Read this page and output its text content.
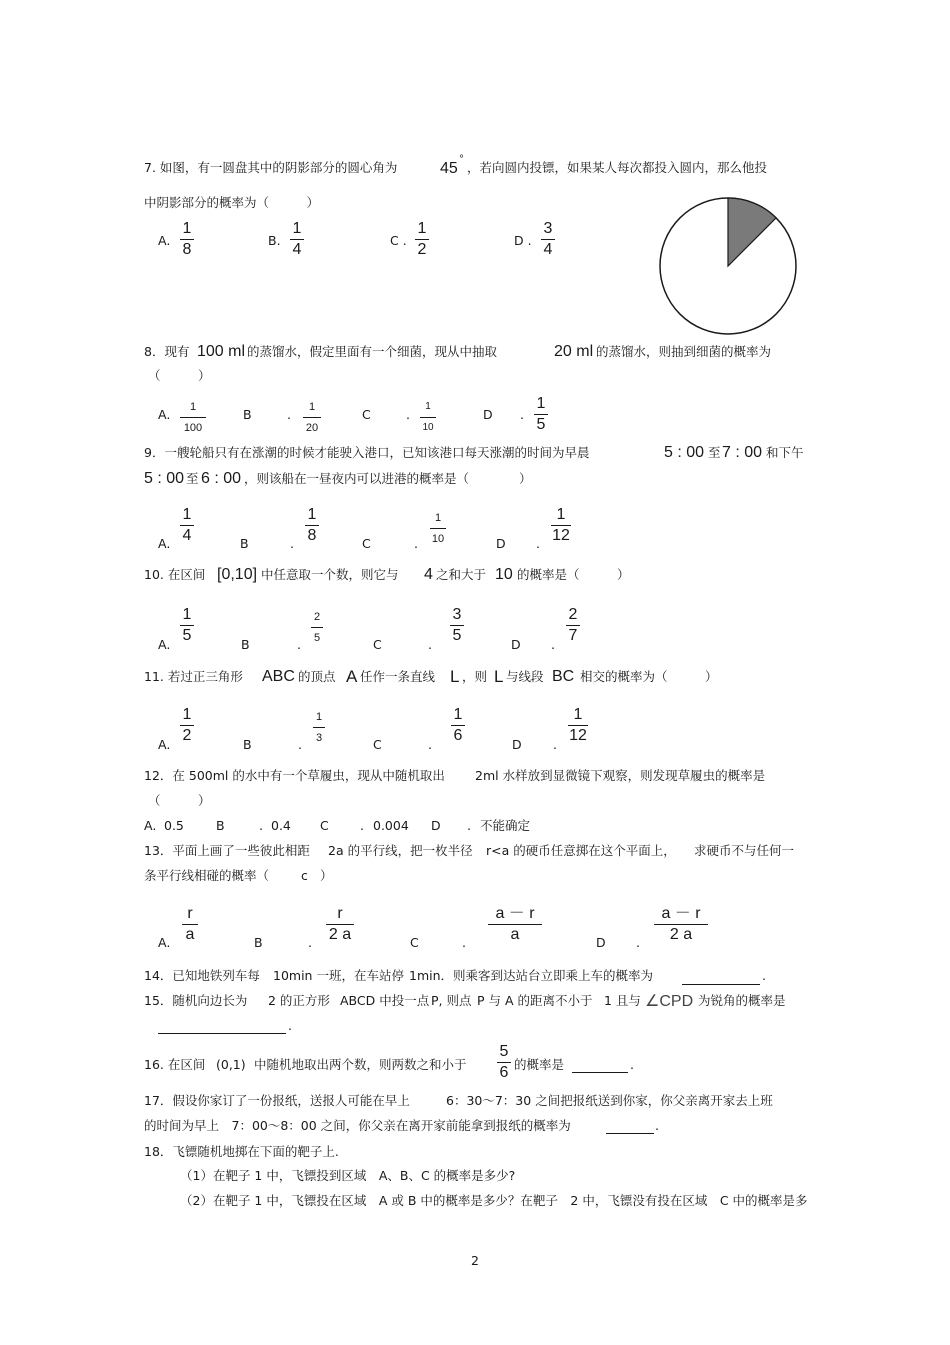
7. 如图，有一圆盘其中的阴影部分的圆心角为	45
°
，若向圆内投镖，如果某人每次都投入圆内，那么他投
中阴影部分的概率为（　　　）
A.
1
8
B.
1
4
C .
1
2
D .
3
4
8．现有 100 ml 的蒸馏水，假定里面有一个细菌，现从中抽取	20 ml 的蒸馏水，则抽到细菌的概率为
（　　　）
A.	1
100
B	.	1
20
C	.
1
10
D .
1
5
9．一艘轮船只有在涨潮的时候才能驶入港口，已知该港口每天涨潮的时间为早晨	5 : 00 至 7 : 00 和下午
5 : 00 至 6 : 00 ，则该船在一昼夜内可以进港的概率是（　　　　）
A.
1
4	B	.
1
8	C	.
1
10	D .
1
12
10. 在区间 [0,10] 中任意取一个数，则它与 4 之和大于 10 的概率是（　　　）
A.
1
5
B	.
2
5	C	.
3
5
D .
2
7
11. 若过正三角形 ABC 的顶点 A 任作一条直线 L ，则 L 与线段 BC 相交的概率为（　　　）
A.
1
2
B	.
1
3	C	.
1
6
D	.
1
12
12．在 500ml 的水中有一个草履虫，现从中随机取出 2ml 水样放到显微镜下观察，则发现草履虫的概率是
（　　　）
A. 0.5	B	. 0.4 C	. 0.004 D . 不能确定
13．平面上画了一些彼此相距 2a 的平行线，把一枚半径 r<a 的硬币任意掷在这个平面上， 求硬币不与任何一
条平行线相碰的概率（	c ）
A.
r
a	B	.
r
2 a	C	.
a － r
a	D .
a － r
2 a
14．已知地铁列车每 10min 一班，在车站停 1min．则乘客到达站台立即乘上车的概率为	.
15．随机向边长为 2 的正方形 ABCD 中投一点 P, 则点 P 与 A 的距离不小于 1 且与 ∠CPD 为锐角的概率是
.
16. 在区间 (0,1) 中随机地取出两个数，则两数之和小于
5
6 的概率是	.
17．假设你家订了一份报纸，送报人可能在早上	6：30～7：30 之间把报纸送到你家，你父亲离开家去上班
的时间为早上　7：00～8：00 之间，你父亲在离开家前能拿到报纸的概率为	.
18．飞镖随机地掷在下面的靶子上.
（1）在靶子 1 中，飞镖投到区域　A、B、C 的概率是多少?
（2）在靶子 1 中，飞镖投在区域　A 或 B 中的概率是多少？在靶子　2 中，飞镖没有投在区域　C 中的概率是多
2
